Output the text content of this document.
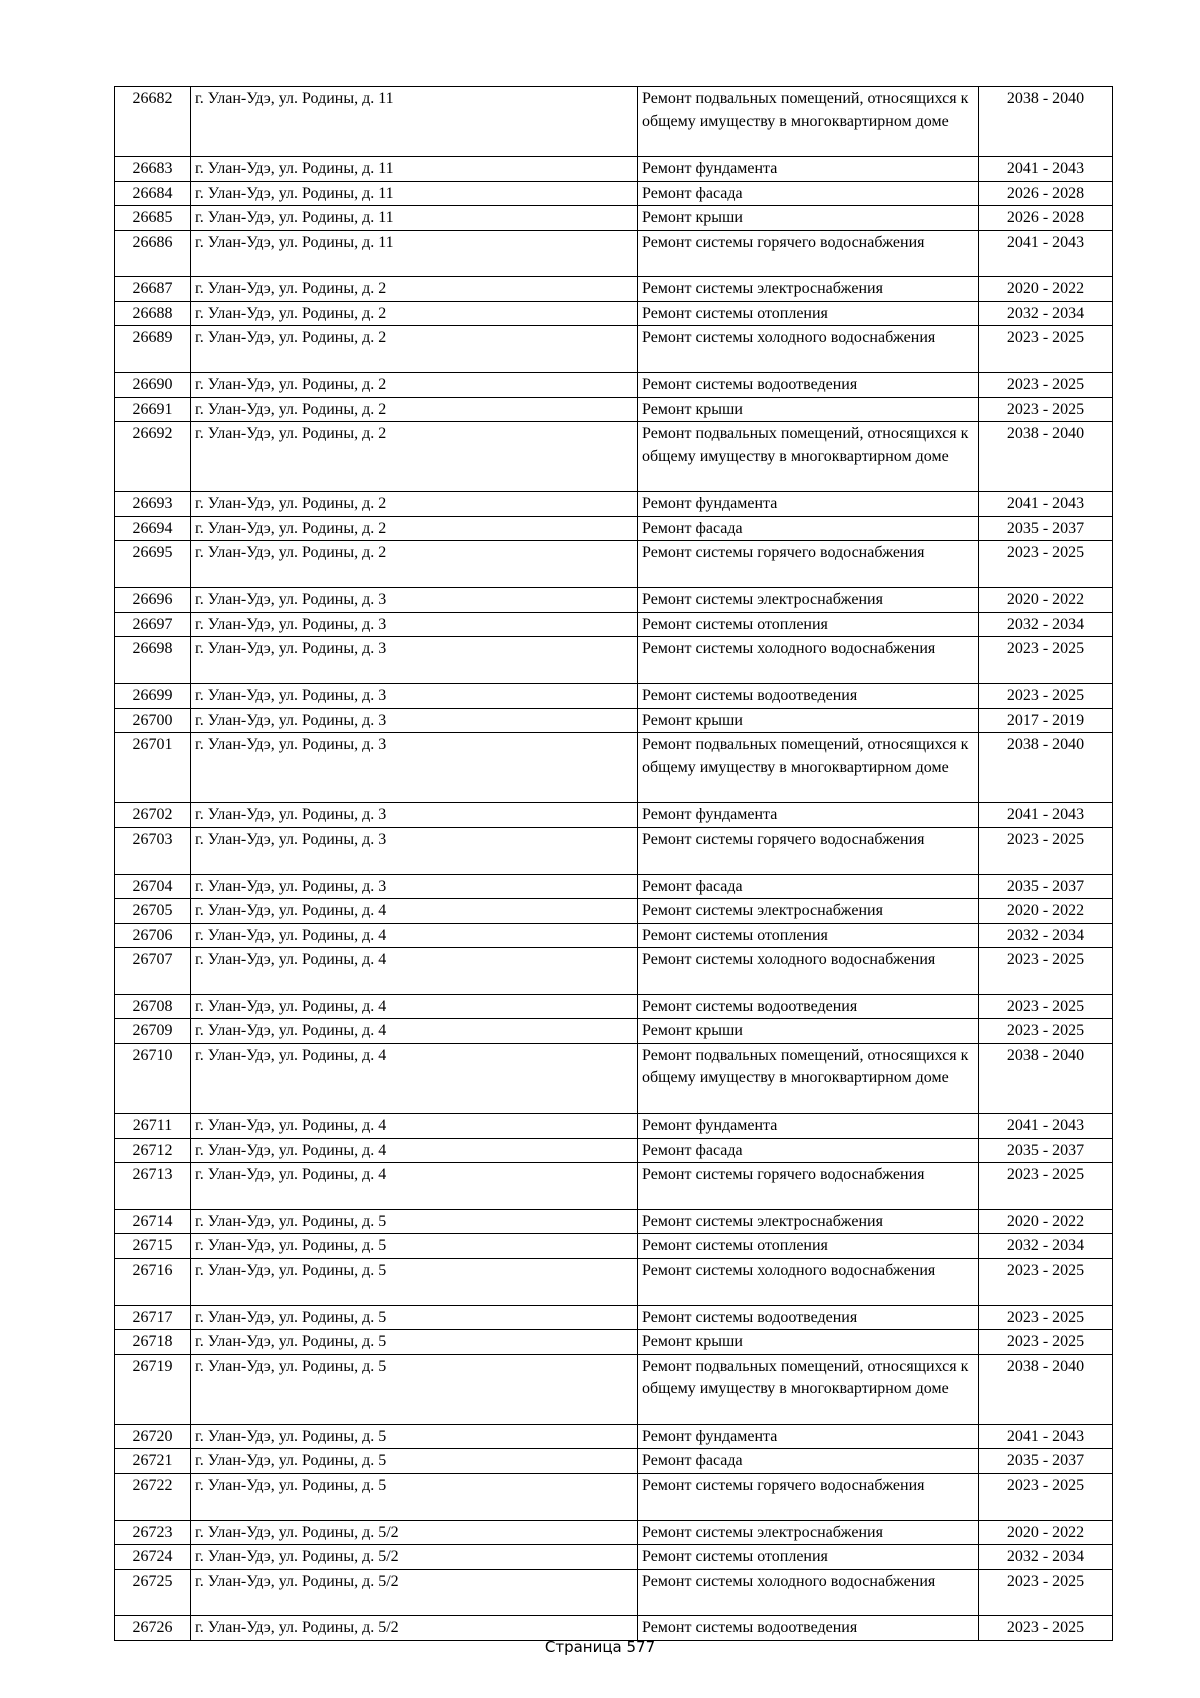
26682	г. Улан-Удэ, ул. Родины, д. 11	Ремонт подвальных помещений, относящихся к общему имуществу в многоквартирном доме	2038 - 2040
26683	г. Улан-Удэ, ул. Родины, д. 11	Ремонт фундамента	2041 - 2043
26684	г. Улан-Удэ, ул. Родины, д. 11	Ремонт фасада	2026 - 2028
26685	г. Улан-Удэ, ул. Родины, д. 11	Ремонт крыши	2026 - 2028
26686	г. Улан-Удэ, ул. Родины, д. 11	Ремонт системы горячего водоснабжения	2041 - 2043
26687	г. Улан-Удэ, ул. Родины, д. 2	Ремонт системы электроснабжения	2020 - 2022
26688	г. Улан-Удэ, ул. Родины, д. 2	Ремонт системы отопления	2032 - 2034
26689	г. Улан-Удэ, ул. Родины, д. 2	Ремонт системы холодного водоснабжения	2023 - 2025
26690	г. Улан-Удэ, ул. Родины, д. 2	Ремонт системы водоотведения	2023 - 2025
26691	г. Улан-Удэ, ул. Родины, д. 2	Ремонт крыши	2023 - 2025
26692	г. Улан-Удэ, ул. Родины, д. 2	Ремонт подвальных помещений, относящихся к общему имуществу в многоквартирном доме	2038 - 2040
26693	г. Улан-Удэ, ул. Родины, д. 2	Ремонт фундамента	2041 - 2043
26694	г. Улан-Удэ, ул. Родины, д. 2	Ремонт фасада	2035 - 2037
26695	г. Улан-Удэ, ул. Родины, д. 2	Ремонт системы горячего водоснабжения	2023 - 2025
26696	г. Улан-Удэ, ул. Родины, д. 3	Ремонт системы электроснабжения	2020 - 2022
26697	г. Улан-Удэ, ул. Родины, д. 3	Ремонт системы отопления	2032 - 2034
26698	г. Улан-Удэ, ул. Родины, д. 3	Ремонт системы холодного водоснабжения	2023 - 2025
26699	г. Улан-Удэ, ул. Родины, д. 3	Ремонт системы водоотведения	2023 - 2025
26700	г. Улан-Удэ, ул. Родины, д. 3	Ремонт крыши	2017 - 2019
26701	г. Улан-Удэ, ул. Родины, д. 3	Ремонт подвальных помещений, относящихся к общему имуществу в многоквартирном доме	2038 - 2040
26702	г. Улан-Удэ, ул. Родины, д. 3	Ремонт фундамента	2041 - 2043
26703	г. Улан-Удэ, ул. Родины, д. 3	Ремонт системы горячего водоснабжения	2023 - 2025
26704	г. Улан-Удэ, ул. Родины, д. 3	Ремонт фасада	2035 - 2037
26705	г. Улан-Удэ, ул. Родины, д. 4	Ремонт системы электроснабжения	2020 - 2022
26706	г. Улан-Удэ, ул. Родины, д. 4	Ремонт системы отопления	2032 - 2034
26707	г. Улан-Удэ, ул. Родины, д. 4	Ремонт системы холодного водоснабжения	2023 - 2025
26708	г. Улан-Удэ, ул. Родины, д. 4	Ремонт системы водоотведения	2023 - 2025
26709	г. Улан-Удэ, ул. Родины, д. 4	Ремонт крыши	2023 - 2025
26710	г. Улан-Удэ, ул. Родины, д. 4	Ремонт подвальных помещений, относящихся к общему имуществу в многоквартирном доме	2038 - 2040
26711	г. Улан-Удэ, ул. Родины, д. 4	Ремонт фундамента	2041 - 2043
26712	г. Улан-Удэ, ул. Родины, д. 4	Ремонт фасада	2035 - 2037
26713	г. Улан-Удэ, ул. Родины, д. 4	Ремонт системы горячего водоснабжения	2023 - 2025
26714	г. Улан-Удэ, ул. Родины, д. 5	Ремонт системы электроснабжения	2020 - 2022
26715	г. Улан-Удэ, ул. Родины, д. 5	Ремонт системы отопления	2032 - 2034
26716	г. Улан-Удэ, ул. Родины, д. 5	Ремонт системы холодного водоснабжения	2023 - 2025
26717	г. Улан-Удэ, ул. Родины, д. 5	Ремонт системы водоотведения	2023 - 2025
26718	г. Улан-Удэ, ул. Родины, д. 5	Ремонт крыши	2023 - 2025
26719	г. Улан-Удэ, ул. Родины, д. 5	Ремонт подвальных помещений, относящихся к общему имуществу в многоквартирном доме	2038 - 2040
26720	г. Улан-Удэ, ул. Родины, д. 5	Ремонт фундамента	2041 - 2043
26721	г. Улан-Удэ, ул. Родины, д. 5	Ремонт фасада	2035 - 2037
26722	г. Улан-Удэ, ул. Родины, д. 5	Ремонт системы горячего водоснабжения	2023 - 2025
26723	г. Улан-Удэ, ул. Родины, д. 5/2	Ремонт системы электроснабжения	2020 - 2022
26724	г. Улан-Удэ, ул. Родины, д. 5/2	Ремонт системы отопления	2032 - 2034
26725	г. Улан-Удэ, ул. Родины, д. 5/2	Ремонт системы холодного водоснабжения	2023 - 2025
26726	г. Улан-Удэ, ул. Родины, д. 5/2	Ремонт системы водоотведения	2023 - 2025
Страница 577
